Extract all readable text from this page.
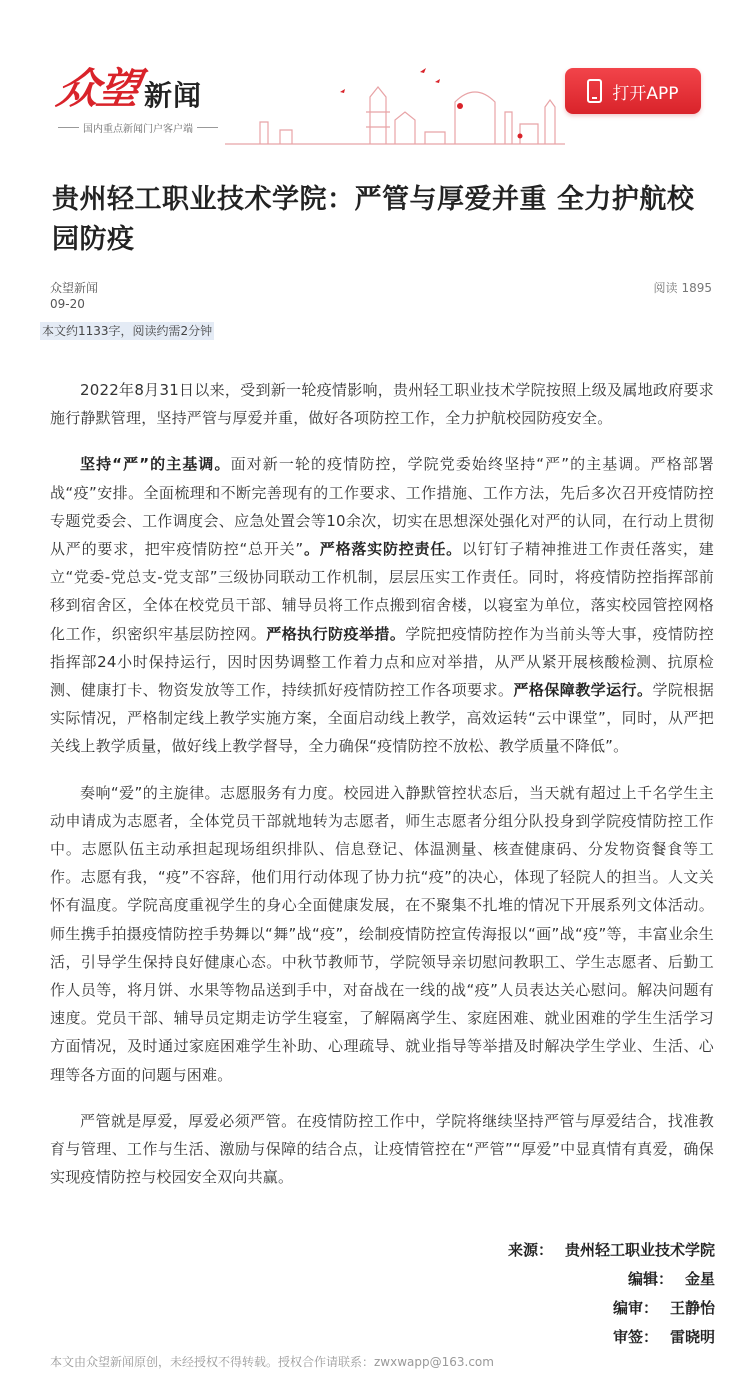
众望 新闻
国内重点新闻门户客户端
打开APP
贵州轻工职业技术学院：严管与厚爱并重 全力护航校园防疫
众望新闻
09-20
阅读 1895
本文约1133字，阅读约需2分钟

2022年8月31日以来，受到新一轮疫情影响，贵州轻工职业技术学院按照上级及属地政府要求施行静默管理，坚持严管与厚爱并重，做好各项防控工作，全力护航校园防疫安全。

坚持“严”的主基调。面对新一轮的疫情防控，学院党委始终坚持“严”的主基调。严格部署战“疫”安排。全面梳理和不断完善现有的工作要求、工作措施、工作方法，先后多次召开疫情防控专题党委会、工作调度会、应急处置会等10余次，切实在思想深处强化对严的认同，在行动上贯彻从严的要求，把牢疫情防控“总开关”。严格落实防控责任。以钉钉子精神推进工作责任落实，建立“党委-党总支-党支部”三级协同联动工作机制，层层压实工作责任。同时，将疫情防控指挥部前移到宿舍区，全体在校党员干部、辅导员将工作点搬到宿舍楼，以寝室为单位，落实校园管控网格化工作，织密织牢基层防控网。严格执行防疫举措。学院把疫情防控作为当前头等大事，疫情防控指挥部24小时保持运行，因时因势调整工作着力点和应对举措，从严从紧开展核酸检测、抗原检测、健康打卡、物资发放等工作，持续抓好疫情防控工作各项要求。严格保障教学运行。学院根据实际情况，严格制定线上教学实施方案，全面启动线上教学，高效运转“云中课堂”，同时，从严把关线上教学质量，做好线上教学督导，全力确保“疫情防控不放松、教学质量不降低”。

奏响“爱”的主旋律。志愿服务有力度。校园进入静默管控状态后，当天就有超过上千名学生主动申请成为志愿者，全体党员干部就地转为志愿者，师生志愿者分组分队投身到学院疫情防控工作中。志愿队伍主动承担起现场组织排队、信息登记、体温测量、核查健康码、分发物资餐食等工作。志愿有我，“疫”不容辞，他们用行动体现了协力抗“疫”的决心，体现了轻院人的担当。人文关怀有温度。学院高度重视学生的身心全面健康发展，在不聚集不扎堆的情况下开展系列文体活动。师生携手拍摄疫情防控手势舞以“舞”战“疫”，绘制疫情防控宣传海报以“画”战“疫”等，丰富业余生活，引导学生保持良好健康心态。中秋节教师节，学院领导亲切慰问教职工、学生志愿者、后勤工作人员等，将月饼、水果等物品送到手中，对奋战在一线的战“疫”人员表达关心慰问。解决问题有速度。党员干部、辅导员定期走访学生寝室，了解隔离学生、家庭困难、就业困难的学生生活学习方面情况，及时通过家庭困难学生补助、心理疏导、就业指导等举措及时解决学生学业、生活、心理等各方面的问题与困难。

严管就是厚爱，厚爱必须严管。在疫情防控工作中，学院将继续坚持严管与厚爱结合，找准教育与管理、工作与生活、激励与保障的结合点，让疫情管控在“严管”“厚爱”中显真情有真爱，确保实现疫情防控与校园安全双向共赢。

来源： 贵州轻工职业技术学院
编辑： 金星
编审： 王静怡
审签： 雷晓明
本文由众望新闻原创，未经授权不得转载。授权合作请联系：zwxwapp@163.com
